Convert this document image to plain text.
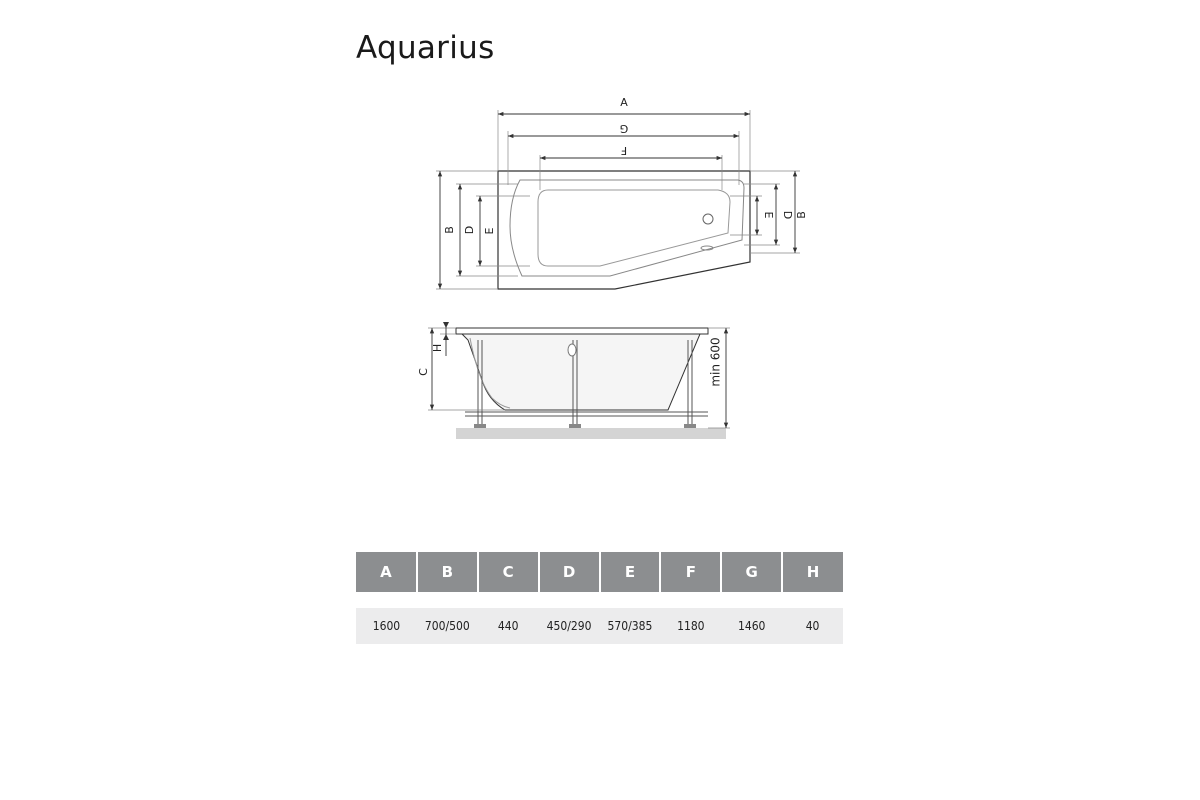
Aquarius
A
G
F
B D E
E D B
C
H	min 600
A	B	C	D	E	F	G	H

1600	700/500	440	450/290	570/385	1180	1460	40
